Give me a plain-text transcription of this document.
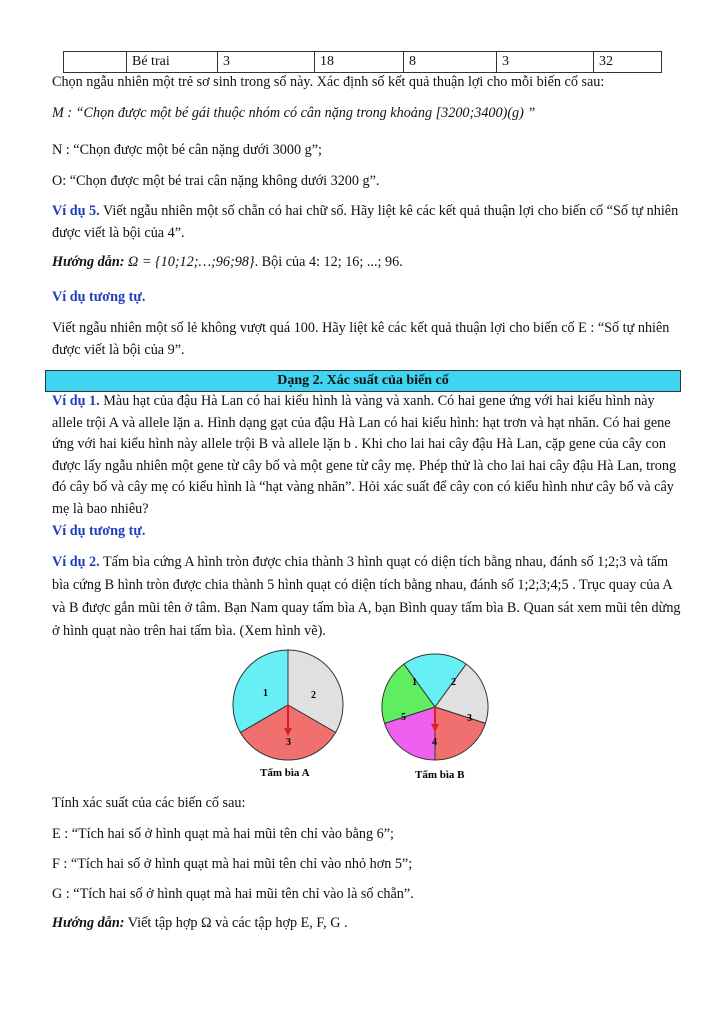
	Bé trai	3	18	8	3	32
Chọn ngẫu nhiên một trẻ sơ sinh trong số này. Xác định số kết quả thuận lợi cho mỗi biến cố sau:
M : “Chọn được một bé gái thuộc nhóm có cân nặng trong khoảng [3200;3400)(g) ”
N : “Chọn được một bé cân nặng dưới 3000 g”;
O: “Chọn được một bé trai cân nặng không dưới 3200 g”.
Ví dụ 5. Viết ngẫu nhiên một số chẵn có hai chữ số. Hãy liệt kê các kết quả thuận lợi cho biến cố “Số tự nhiên được viết là bội của 4”.
Hướng dẫn: Ω = {10;12;…;96;98}. Bội của 4: 12; 16; ...; 96.
Ví dụ tương tự.
Viết ngẫu nhiên một số lẻ không vượt quá 100. Hãy liệt kê các kết quả thuận lợi cho biến cố E : “Số tự nhiên được viết là bội của 9”.
Dạng 2. Xác suất của biến cố
Ví dụ 1. Màu hạt của đậu Hà Lan có hai kiểu hình là vàng và xanh. Có hai gene ứng với hai kiểu hình này allele trội A và allele lặn a. Hình dạng gạt của đậu Hà Lan có hai kiểu hình: hạt trơn và hạt nhăn. Có hai gene ứng với hai kiểu hình này allele trội B và allele lặn b . Khi cho lai hai cây đậu Hà Lan, cặp gene của cây con được lấy ngẫu nhiên một gene từ cây bố và một gene từ cây mẹ. Phép thử là cho lai hai cây đậu Hà Lan, trong đó cây bố và cây mẹ có kiểu hình là “hạt vàng nhăn”. Hỏi xác suất để cây con có kiểu hình như cây bố và cây mẹ là bao nhiêu?
Ví dụ tương tự.
Ví dụ 2. Tấm bìa cứng A hình tròn được chia thành 3 hình quạt có diện tích bằng nhau, đánh số 1;2;3 và tấm bìa cứng B hình tròn được chia thành 5 hình quạt có diện tích bằng nhau, đánh số 1;2;3;4;5 . Trục quay của A và B được gắn mũi tên ở tâm. Bạn Nam quay tấm bìa A, bạn Bình quay tấm bìa B. Quan sát xem mũi tên dừng ở hình quạt nào trên hai tấm bìa. (Xem hình vẽ).
1	2
3
Tấm bìa A
1	2
3
4
5
Tấm bìa B
Tính xác suất của các biến cố sau:
E : “Tích hai số ở hình quạt mà hai mũi tên chỉ vào bằng 6”;
F : “Tích hai số ở hình quạt mà hai mũi tên chỉ vào nhỏ hơn 5”;
G : “Tích hai số ở hình quạt mà hai mũi tên chỉ vào là số chẵn”.
Hướng dẫn: Viết tập hợp Ω và các tập hợp E, F, G .
